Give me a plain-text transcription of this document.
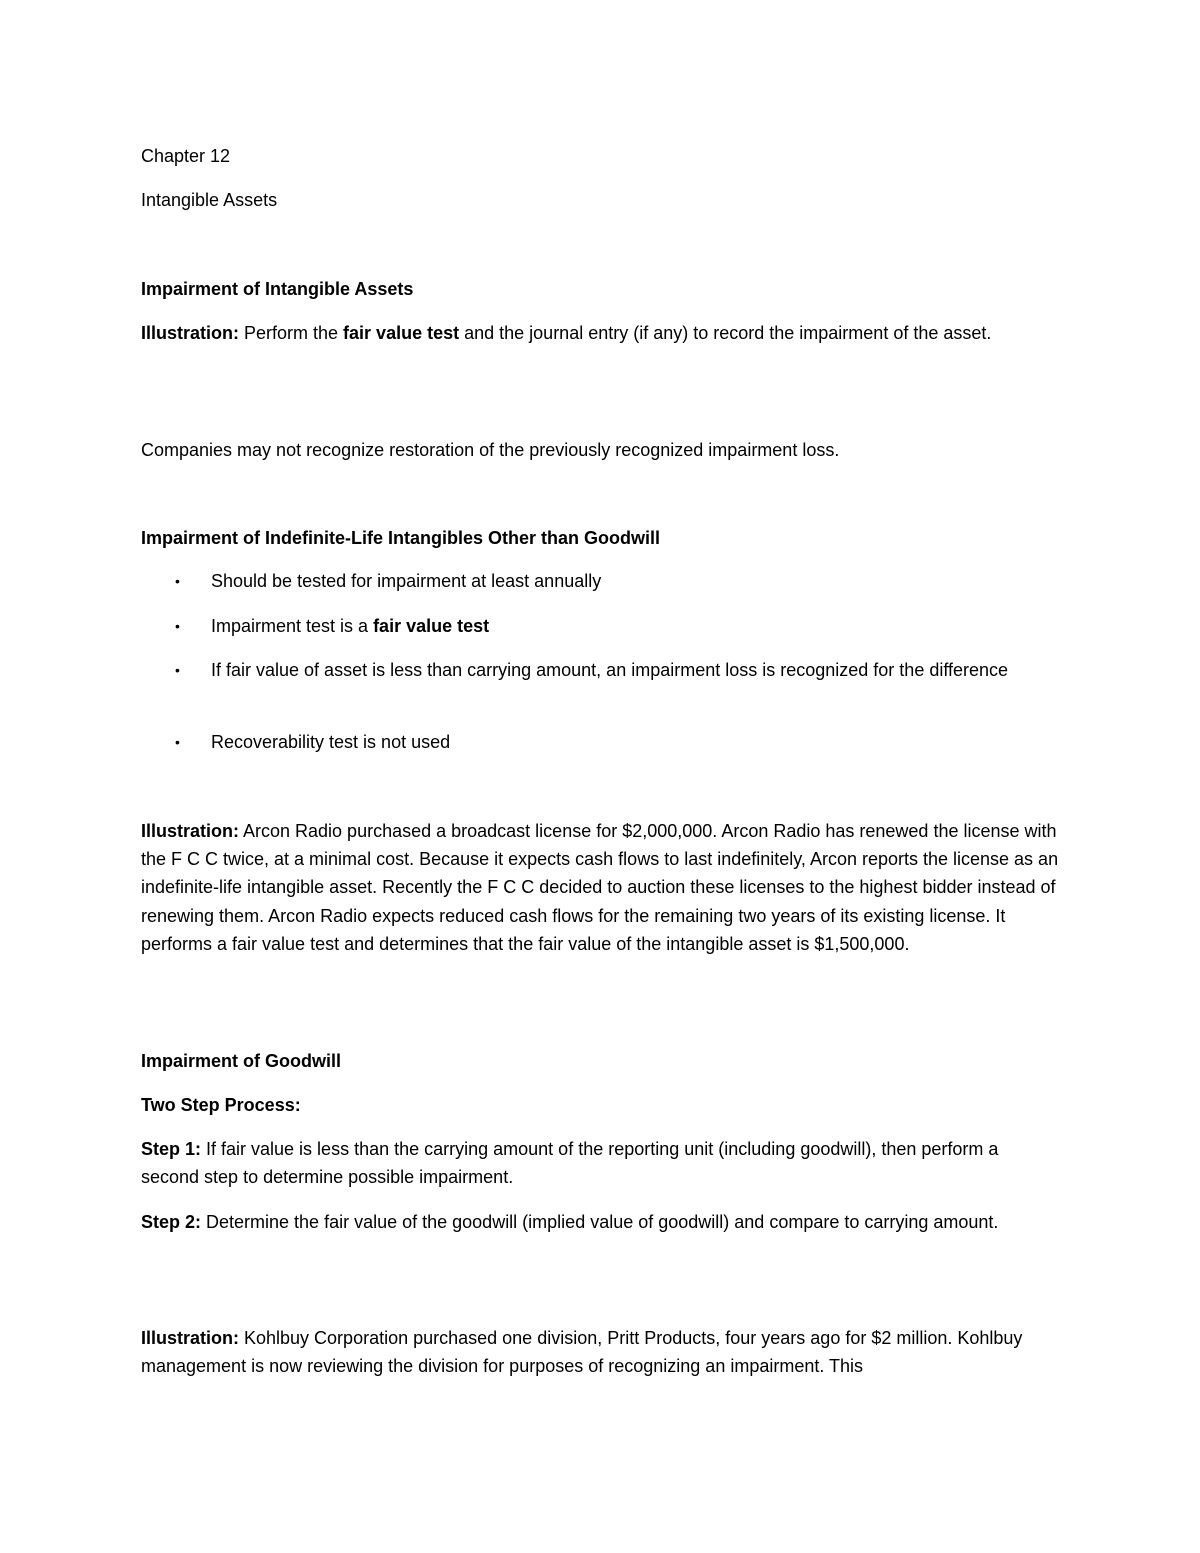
Chapter 12
Intangible Assets
Impairment of Intangible Assets
Illustration: Perform the fair value test and the journal entry (if any) to record the impairment of the asset.
Companies may not recognize restoration of the previously recognized impairment loss.
Impairment of Indefinite-Life Intangibles Other than Goodwill
• Should be tested for impairment at least annually
• Impairment test is a fair value test
• If fair value of asset is less than carrying amount, an impairment loss is recognized for the difference
• Recoverability test is not used
Illustration: Arcon Radio purchased a broadcast license for $2,000,000. Arcon Radio has renewed the license with the F C C twice, at a minimal cost. Because it expects cash flows to last indefinitely, Arcon reports the license as an indefinite-life intangible asset. Recently the F C C decided to auction these licenses to the highest bidder instead of renewing them. Arcon Radio expects reduced cash flows for the remaining two years of its existing license. It performs a fair value test and determines that the fair value of the intangible asset is $1,500,000.
Impairment of Goodwill
Two Step Process:
Step 1: If fair value is less than the carrying amount of the reporting unit (including goodwill), then perform a second step to determine possible impairment.
Step 2: Determine the fair value of the goodwill (implied value of goodwill) and compare to carrying amount.
Illustration: Kohlbuy Corporation purchased one division, Pritt Products, four years ago for $2 million. Kohlbuy management is now reviewing the division for purposes of recognizing an impairment. This
